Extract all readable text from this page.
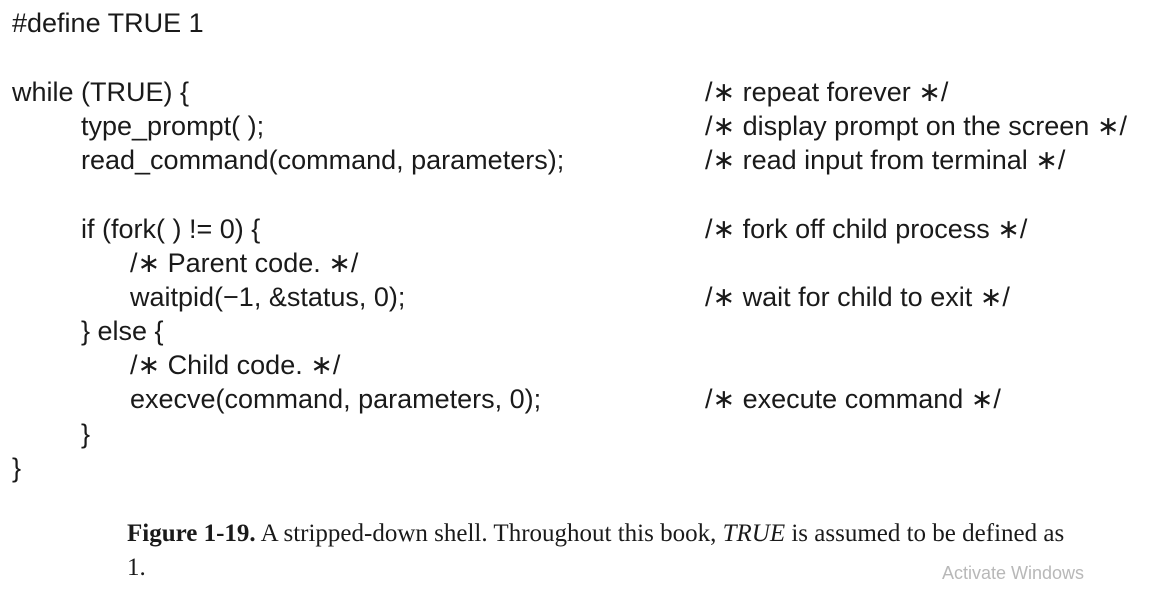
#define TRUE 1
while (TRUE) {
type_prompt( );
read_command(command, parameters);
if (fork( ) != 0) {
/∗ Parent code. ∗/
waitpid(−1, &status, 0);
} else {
/∗ Child code. ∗/
execve(command, parameters, 0);
}
}
/∗ repeat forever ∗/
/∗ display prompt on the screen ∗/
/∗ read input from terminal ∗/
/∗ fork off child process ∗/
/∗ wait for child to exit ∗/
/∗ execute command ∗/
Figure 1-19. A stripped-down shell. Throughout this book, TRUE is assumed to be defined as 1.	Activate Windows
